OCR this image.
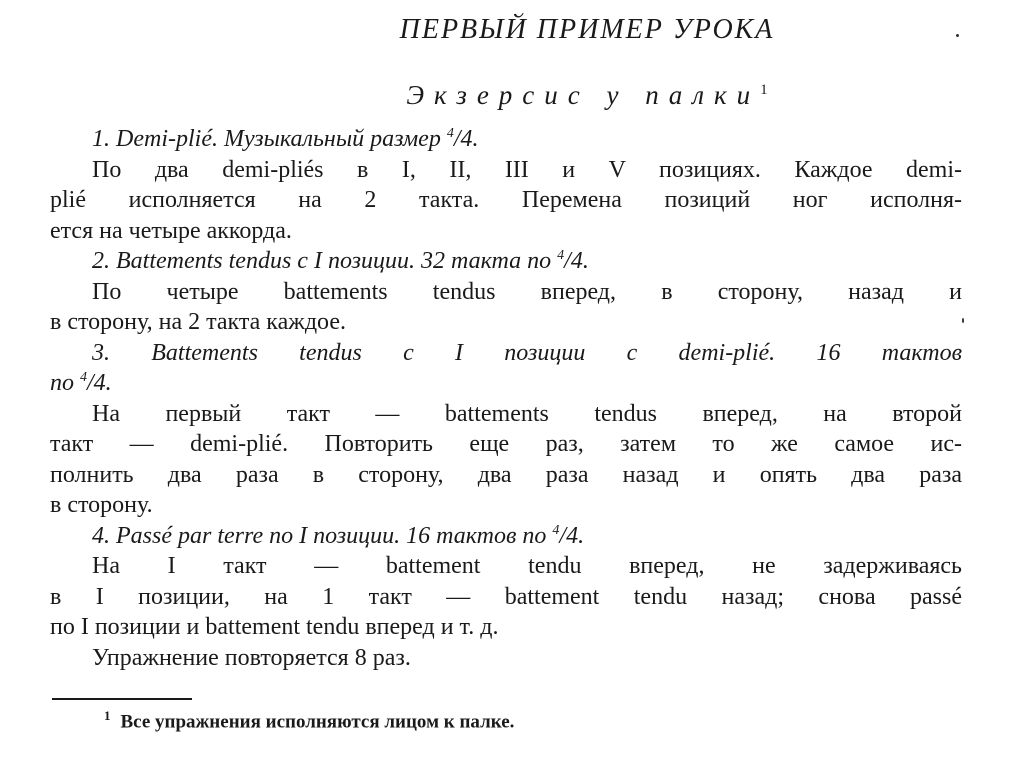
ПЕРВЫЙ ПРИМЕР УРОКА
Экзерсис у палки$^1$
1. Demi-plié. Музыкальный размер $^4$/4.
По два demi-pliés в I, II, III и V позициях. Каждое demi-
plié исполняется на 2 такта. Перемена позиций ног исполня-
ется на четыре аккорда.
2. Battements tendus с I позиции. 32 такта по $^4$/4.
По четыре battements tendus вперед, в сторону, назад и
в сторону, на 2 такта каждое.
3. Battements tendus с I позиции с demi-plié. 16 тактов
по $^4$/4.
На первый такт — battements tendus вперед, на второй
такт — demi-plié. Повторить еще раз, затем то же самое ис-
полнить два раза в сторону, два раза назад и опять два раза
в сторону.
4. Passé par terre по I позиции. 16 тактов по $^4$/4.
На I такт — battement tendu вперед, не задерживаясь
в I позиции, на 1 такт — battement tendu назад; снова passé
по I позиции и battement tendu вперед и т. д.
Упражнение повторяется 8 раз.
$^1$ Все упражнения исполняются лицом к палке.
